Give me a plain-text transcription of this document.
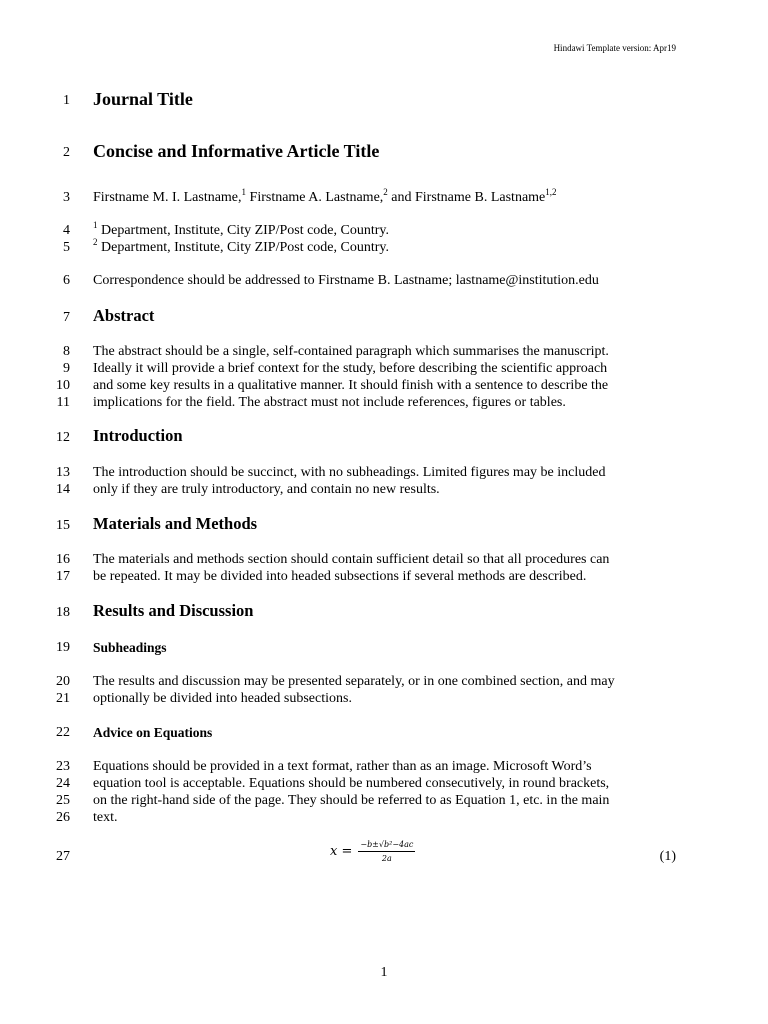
Hindawi Template version: Apr19
1 Journal Title
2 Concise and Informative Article Title
3 Firstname M. I. Lastname,$^1$ Firstname A. Lastname,$^2$ and Firstname B. Lastname$^{1,2}$
4	$^1$ Department, Institute, City ZIP/Post code, Country.
5	$^2$ Department, Institute, City ZIP/Post code, Country.
6 Correspondence should be addressed to Firstname B. Lastname; lastname@institution.edu
7 Abstract
8 The abstract should be a single, self-contained paragraph which summarises the manuscript.
9 Ideally it will provide a brief context for the study, before describing the scientific approach
10 and some key results in a qualitative manner. It should finish with a sentence to describe the
11 implications for the field. The abstract must not include references, figures or tables.
12 Introduction
13 The introduction should be succinct, with no subheadings. Limited figures may be included
14 only if they are truly introductory, and contain no new results.
15 Materials and Methods
16 The materials and methods section should contain sufficient detail so that all procedures can
17 be repeated. It may be divided into headed subsections if several methods are described.
18 Results and Discussion
19 Subheadings
20 The results and discussion may be presented separately, or in one combined section, and may
21 optionally be divided into headed subsections.
22 Advice on Equations
23 Equations should be provided in a text format, rather than as an image. Microsoft Word’s
24 equation tool is acceptable. Equations should be numbered consecutively, in round brackets,
25 on the right-hand side of the page. They should be referred to as Equation 1, etc. in the main
26 text.
27	$x = \frac{\text{−b±√b²−4ac}}{2a}$	(1)
1
